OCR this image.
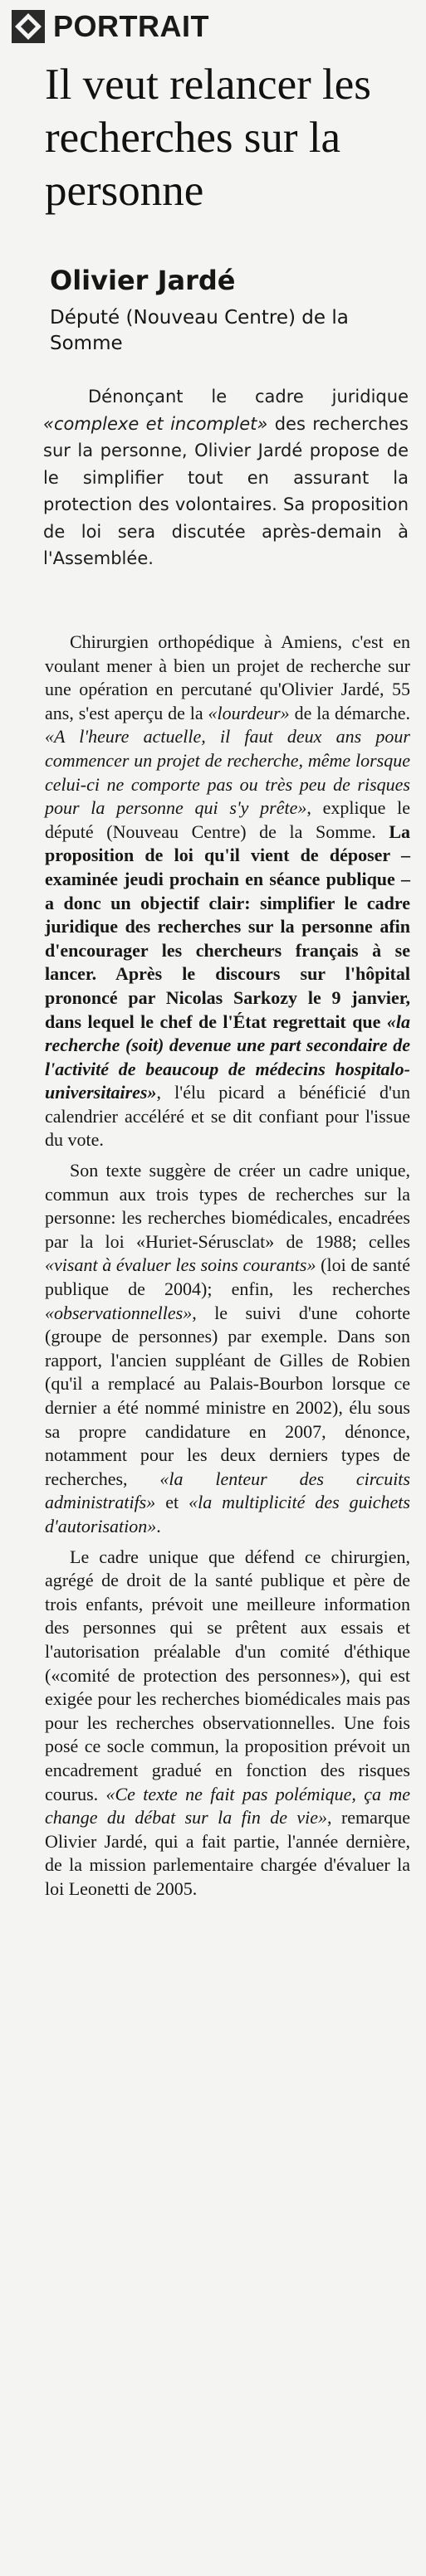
PORTRAIT
Il veut relancer les recherches sur la personne

Olivier Jardé

Député (Nouveau Centre) de la Somme

Dénonçant le cadre juridique «complexe et incomplet» des recherches sur la personne, Olivier Jardé propose de le simplifier tout en assurant la protection des volontaires. Sa proposition de loi sera discutée après-demain à l'Assemblée.

Chirurgien orthopédique à Amiens, c'est en voulant mener à bien un projet de recherche sur une opération en percutané qu'Olivier Jardé, 55 ans, s'est aperçu de la «lourdeur» de la démarche. «A l'heure actuelle, il faut deux ans pour commencer un projet de recherche, même lorsque celui-ci ne comporte pas ou très peu de risques pour la personne qui s'y prête», explique le député (Nouveau Centre) de la Somme. La proposition de loi qu'il vient de déposer – examinée jeudi prochain en séance publique – a donc un objectif clair: simplifier le cadre juridique des recherches sur la personne afin d'encourager les chercheurs français à se lancer. Après le discours sur l'hôpital prononcé par Nicolas Sarkozy le 9 janvier, dans lequel le chef de l'État regrettait que «la recherche (soit) devenue une part secondaire de l'activité de beaucoup de médecins hospitalo-universitaires», l'élu picard a bénéficié d'un calendrier accéléré et se dit confiant pour l'issue du vote.

Son texte suggère de créer un cadre unique, commun aux trois types de recherches sur la personne: les recherches biomédicales, encadrées par la loi «Huriet-Sérusclat» de 1988; celles «visant à évaluer les soins courants» (loi de santé publique de 2004); enfin, les recherches «observationnelles», le suivi d'une cohorte (groupe de personnes) par exemple. Dans son rapport, l'ancien suppléant de Gilles de Robien (qu'il a remplacé au Palais-Bourbon lorsque ce dernier a été nommé ministre en 2002), élu sous sa propre candidature en 2007, dénonce, notamment pour les deux derniers types de recherches, «la lenteur des circuits administratifs» et «la multiplicité des guichets d'autorisation».

Le cadre unique que défend ce chirurgien, agrégé de droit de la santé publique et père de trois enfants, prévoit une meilleure information des personnes qui se prêtent aux essais et l'autorisation préalable d'un comité d'éthique («comité de protection des personnes»), qui est exigée pour les recherches biomédicales mais pas pour les recherches observationnelles. Une fois posé ce socle commun, la proposition prévoit un encadrement gradué en fonction des risques courus. «Ce texte ne fait pas polémique, ça me change du débat sur la fin de vie», remarque Olivier Jardé, qui a fait partie, l'année dernière, de la mission parlementaire chargée d'évaluer la loi Leonetti de 2005.
